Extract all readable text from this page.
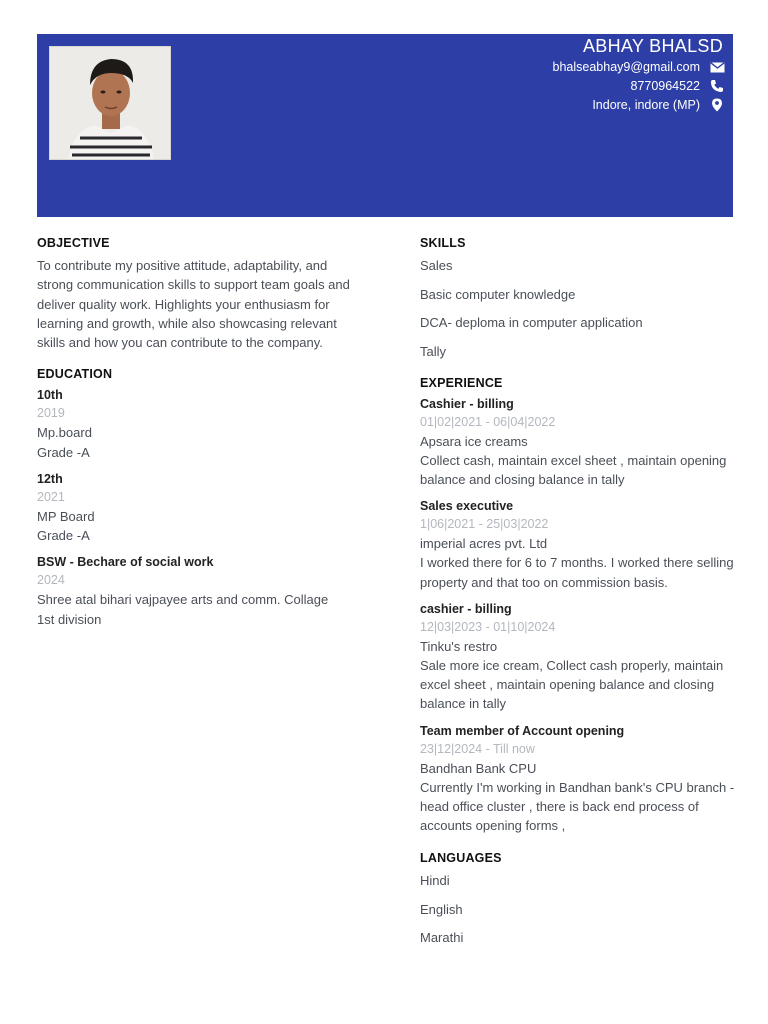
ABHAY BHALSD
bhalseabhay9@gmail.com
8770964522
Indore, indore (MP)
OBJECTIVE
To contribute my positive attitude, adaptability, and strong communication skills to support team goals and deliver quality work. Highlights your enthusiasm for learning and growth, while also showcasing relevant skills and how you can contribute to the company.
EDUCATION
10th
2019
Mp.board
Grade -A
12th
2021
MP Board
Grade -A
BSW - Bechare of social work
2024
Shree atal bihari vajpayee arts and comm. Collage
1st division
SKILLS
Sales
Basic computer knowledge
DCA- deploma in computer application
Tally
EXPERIENCE
Cashier - billing
01|02|2021 - 06|04|2022
Apsara ice creams
Collect cash, maintain excel sheet , maintain opening balance and closing balance in tally
Sales executive
1|06|2021 - 25|03|2022
imperial acres pvt. Ltd
I worked there for 6 to 7 months. I worked there selling property and that too on commission basis.
cashier - billing
12|03|2023 - 01|10|2024
Tinku's restro
Sale more ice cream, Collect cash properly, maintain excel sheet , maintain opening balance and closing balance in tally
Team member of Account opening
23|12|2024 - Till now
Bandhan Bank CPU
Currently I'm working in Bandhan bank's CPU branch - head office cluster , there is back end process of accounts opening forms ,
LANGUAGES
Hindi
English
Marathi
